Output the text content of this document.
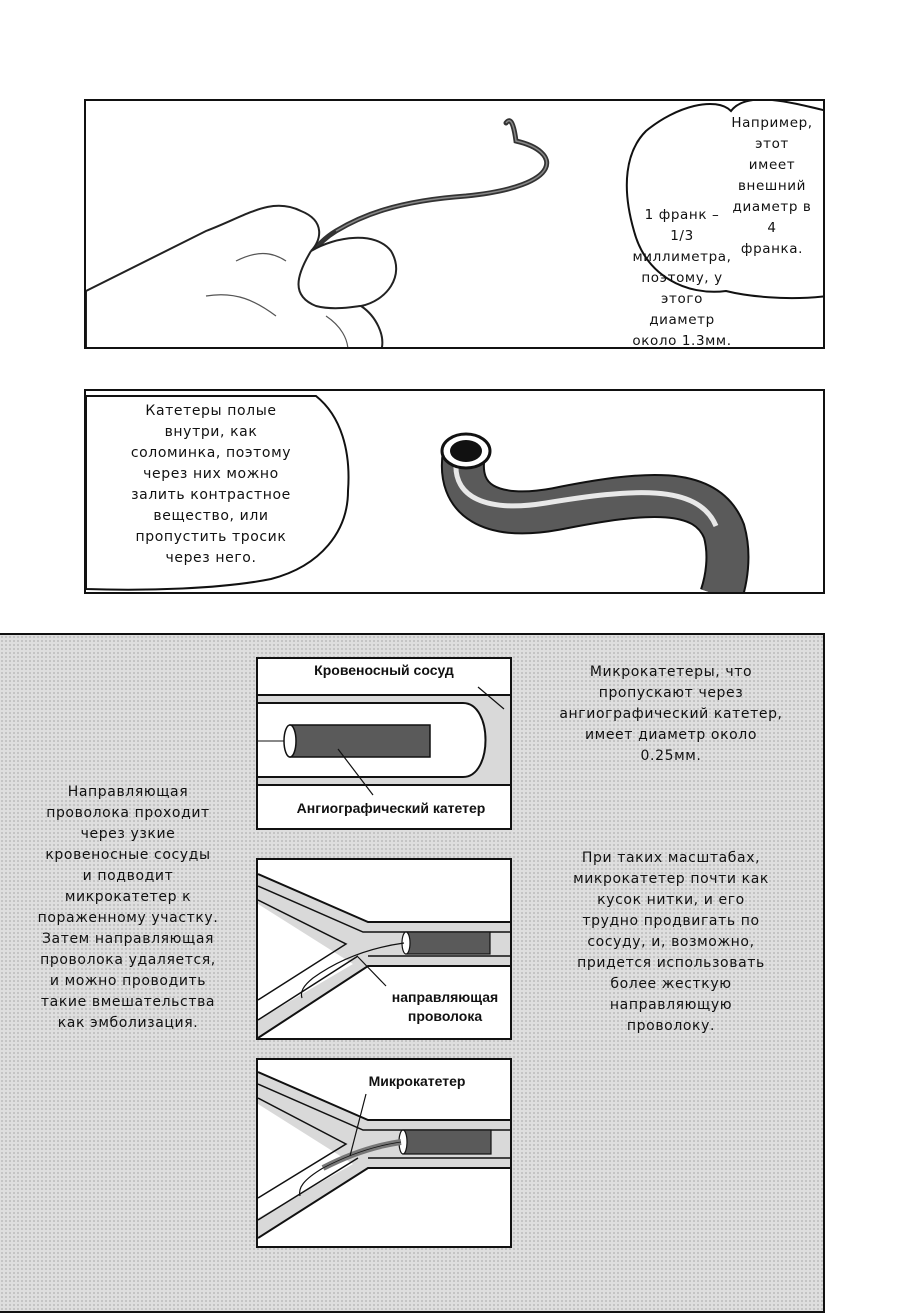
Например,
этот
имеет
внешний
диаметр в
4
франка.
1 франк –
1/3
миллиметра,
поэтому, у
этого
диаметр
около 1.3мм.
Катетеры полые
внутри, как
соломинка, поэтому
через них можно
залить контрастное
вещество, или
пропустить тросик
через него.
Направляющая
проволока проходит
через узкие
кровеносные сосуды
и подводит
микрокатетер к
пораженному участку.
Затем направляющая
проволока удаляется,
и можно проводить
такие вмешательства
как эмболизация.
Микрокатетеры, что
пропускают через
ангиографический катетер,
имеет диаметр около
0.25мм.
При таких масштабах,
микрокатетер почти как
кусок нитки, и его
трудно продвигать по
сосуду, и, возможно,
придется использовать
более жесткую
направляющую
проволоку.
Кровеносный сосуд
Ангиографический катетер
направляющая
проволока
Микрокатетер
